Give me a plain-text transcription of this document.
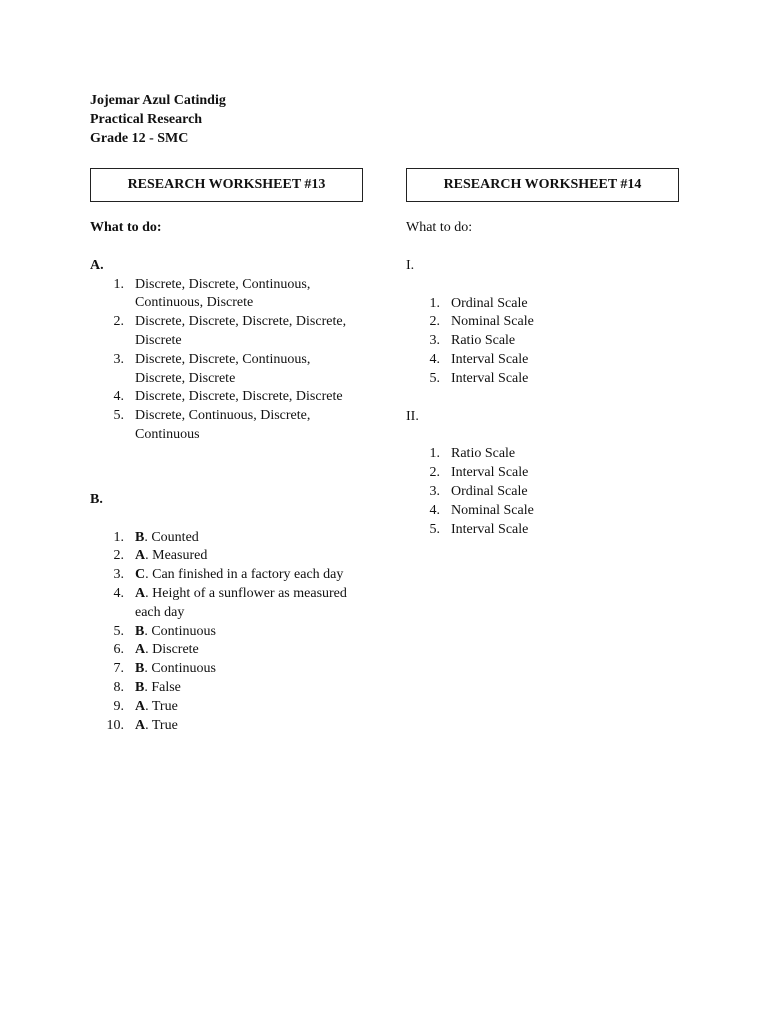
Jojemar Azul Catindig
Practical Research
Grade 12 - SMC
RESEARCH WORKSHEET #13
What to do:
A.
1. Discrete, Discrete, Continuous, Continuous, Discrete
2. Discrete, Discrete, Discrete, Discrete, Discrete
3. Discrete, Discrete, Continuous, Discrete, Discrete
4. Discrete, Discrete, Discrete, Discrete
5. Discrete, Continuous, Discrete, Continuous
B.
1. B. Counted
2. A. Measured
3. C. Can finished in a factory each day
4. A. Height of a sunflower as measured each day
5. B. Continuous
6. A. Discrete
7. B. Continuous
8. B. False
9. A. True
10. A. True
RESEARCH WORKSHEET #14
What to do:
I.
1. Ordinal Scale
2. Nominal Scale
3. Ratio Scale
4. Interval Scale
5. Interval Scale
II.
1. Ratio Scale
2. Interval Scale
3. Ordinal Scale
4. Nominal Scale
5. Interval Scale
